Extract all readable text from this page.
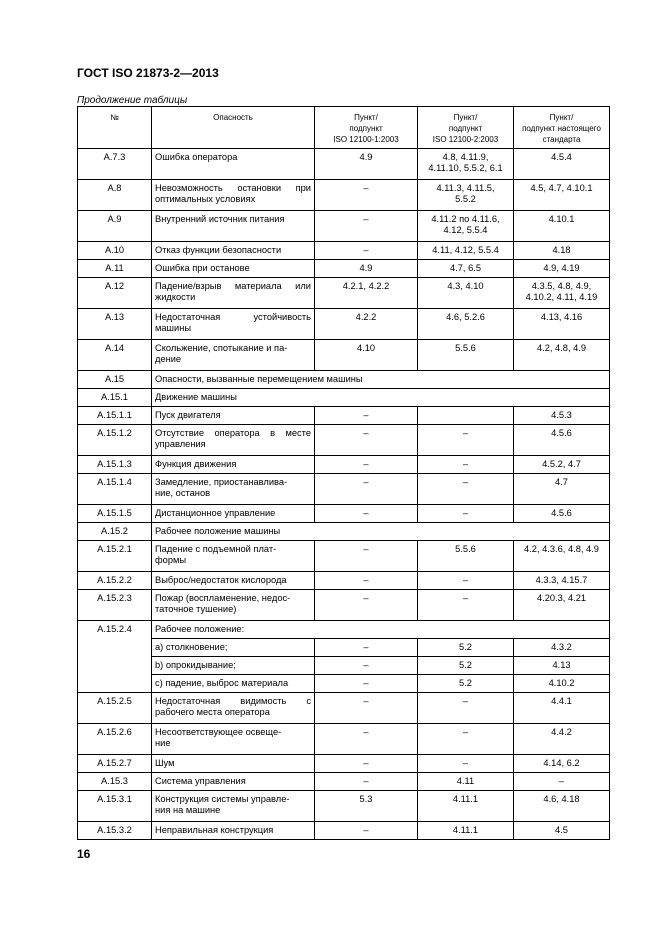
ГОСТ ISO 21873-2—2013
Продолжение таблицы
№	Опасность	Пункт/
подпункт
ISO 12100-1:2003	Пункт/
подпункт
ISO 12100-2:2003	Пункт/
подпункт настоящего
стандарта
A.7.3	Ошибка оператора	4.9	4.8, 4.11.9,
4.11.10, 5.5.2, 6.1	4.5.4
A.8	Невозможность остановки при оптимальных условиях	–	4.11.3, 4.11.5,
5.5.2	4.5, 4.7, 4.10.1
A.9	Внутренний источник питания	–	4.11.2 по 4.11.6,
4.12, 5.5.4	4.10.1
A.10	Отказ функции безопасности	–	4.11, 4.12, 5.5.4	4.18
A.11	Ошибка при останове	4.9	4.7, 6.5	4.9, 4.19
A.12	Падение/взрыв материала или жидкости	4.2.1, 4.2.2	4.3, 4.10	4.3.5, 4.8, 4.9,
4.10.2, 4.11, 4.19
A.13	Недостаточная устойчивость машины	4.2.2	4.6, 5.2.6	4.13, 4.16
A.14	Скольжение, спотыкание и па-
дение	4.10	5.5.6	4.2, 4.8, 4.9
A.15	Опасности, вызванные перемещением машины			
A.15.1	Движение машины			
A.15.1.1	Пуск двигателя	–		4.5.3
A.15.1.2	Отсутствие оператора в месте управления	–	–	4.5.6
A.15.1.3	Функция движения	–	–	4.5.2, 4.7
A.15.1.4	Замедление, приостанавлива-
ние, останов	–	–	4.7
A.15.1.5	Дистанционное управление	–	–	4.5.6
A.15.2	Рабочее положение машины			
A.15.2.1	Падение с подъемной плат-
формы	–	5.5.6	4.2, 4.3.6, 4.8, 4.9
A.15.2.2	Выброс/недостаток кислорода	–	–	4.3.3, 4.15.7
A.15.2.3	Пожар (воспламенение, недос-
таточное тушение)	–	–	4.20.3, 4.21
A.15.2.4	Рабочее положение:			
	a) столкновение;	–	5.2	4.3.2
	b) опрокидывание;	–	5.2	4.13
	c) падение, выброс материала	–	5.2	4.10.2
A.15.2.5	Недостаточная видимость с рабочего места оператора	–	–	4.4.1
A.15.2.6	Несоответствующее освеще-
ние	–	–	4.4.2
A.15.2.7	Шум	–	–	4.14, 6.2
A.15.3	Система управления	–	4.11	–
A.15.3.1	Конструкция системы управле-
ния на машине	5.3	4.11.1	4.6, 4.18
A.15.3.2	Неправильная конструкция	–	4.11.1	4.5
16
